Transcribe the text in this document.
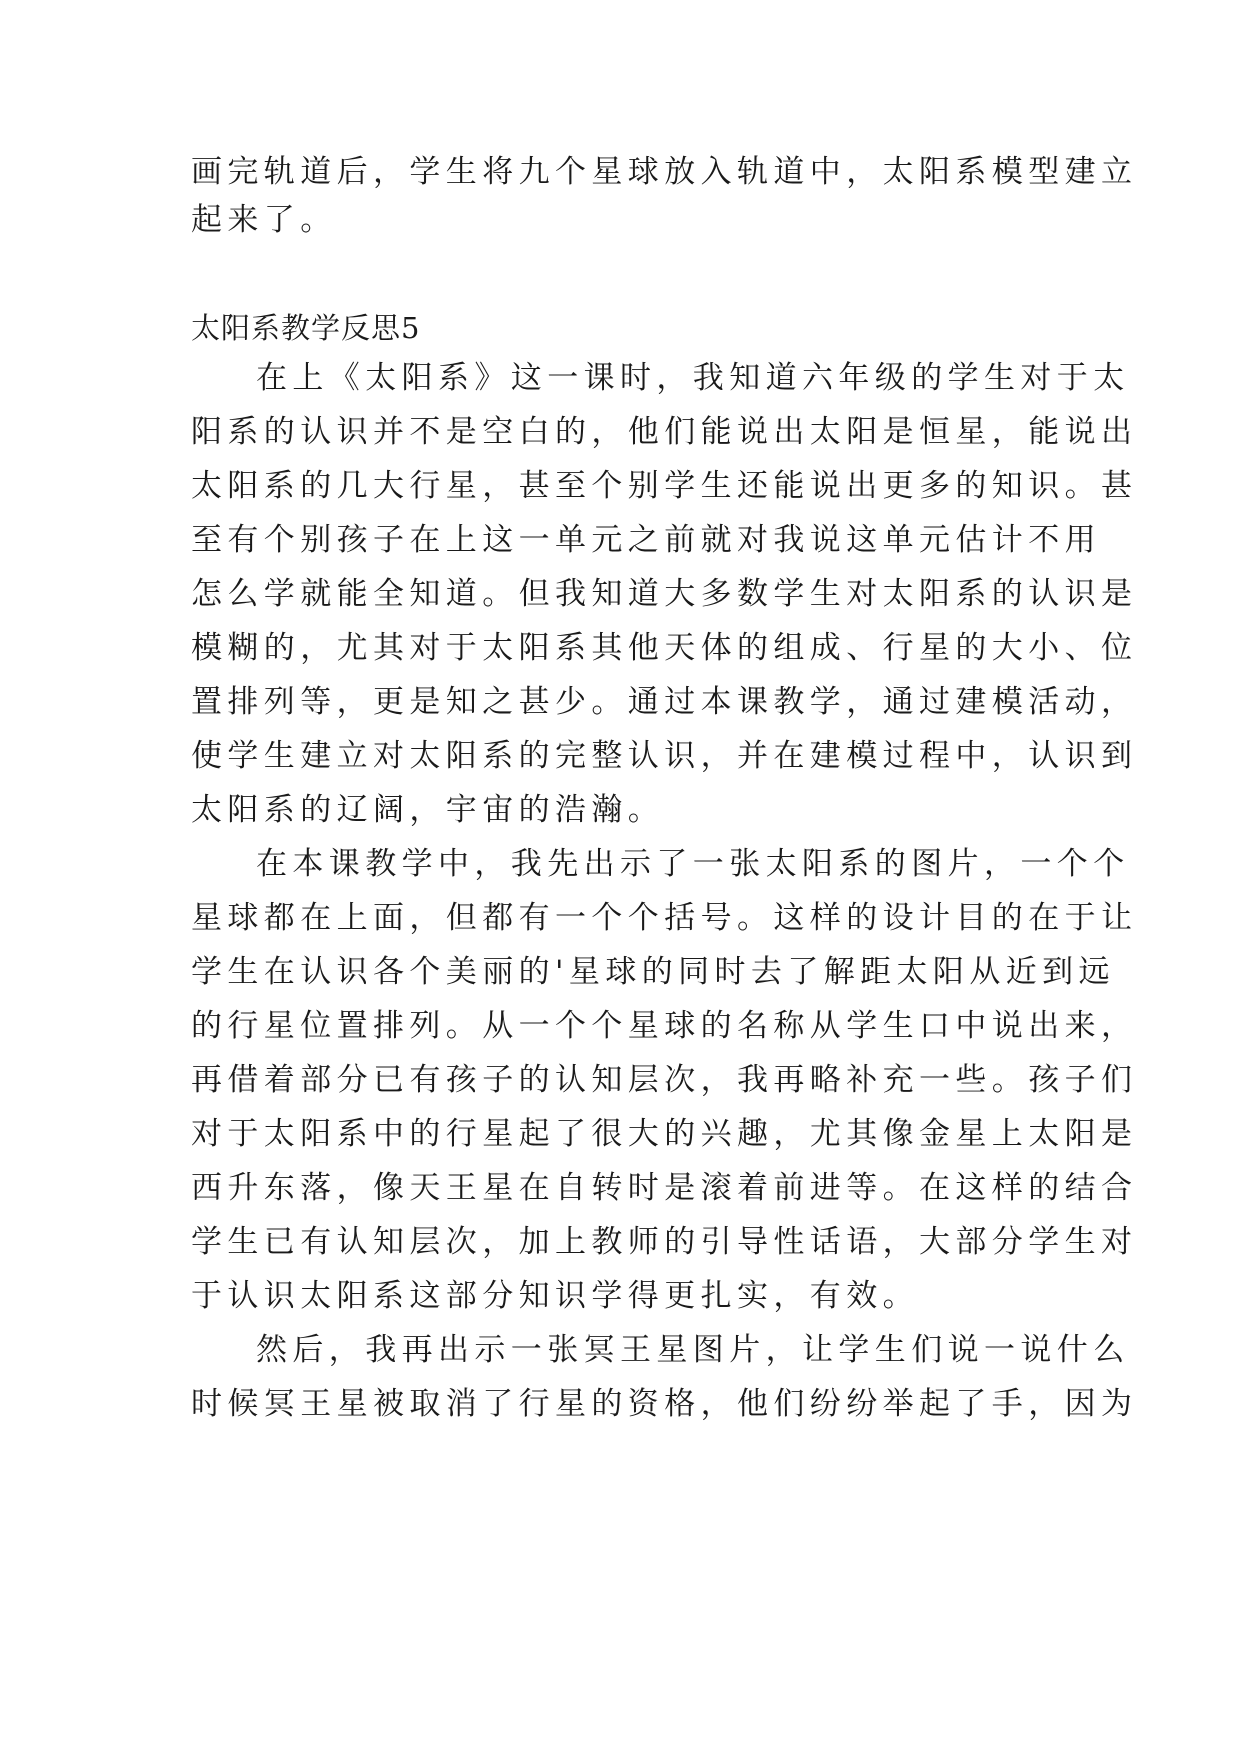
画完轨道后，学生将九个星球放入轨道中，太阳系模型建立
起来了。
太阳系教学反思5
在上《太阳系》这一课时，我知道六年级的学生对于太
阳系的认识并不是空白的，他们能说出太阳是恒星，能说出
太阳系的几大行星，甚至个别学生还能说出更多的知识。甚
至有个别孩子在上这一单元之前就对我说这单元估计不用
怎么学就能全知道。但我知道大多数学生对太阳系的认识是
模糊的，尤其对于太阳系其他天体的组成、行星的大小、位
置排列等，更是知之甚少。通过本课教学，通过建模活动，
使学生建立对太阳系的完整认识，并在建模过程中，认识到
太阳系的辽阔，宇宙的浩瀚。
在本课教学中，我先出示了一张太阳系的图片，一个个
星球都在上面，但都有一个个括号。这样的设计目的在于让
学生在认识各个美丽的'星球的同时去了解距太阳从近到远
的行星位置排列。从一个个星球的名称从学生口中说出来，
再借着部分已有孩子的认知层次，我再略补充一些。孩子们
对于太阳系中的行星起了很大的兴趣，尤其像金星上太阳是
西升东落，像天王星在自转时是滚着前进等。在这样的结合
学生已有认知层次，加上教师的引导性话语，大部分学生对
于认识太阳系这部分知识学得更扎实，有效。
然后，我再出示一张冥王星图片，让学生们说一说什么
时候冥王星被取消了行星的资格，他们纷纷举起了手，因为
